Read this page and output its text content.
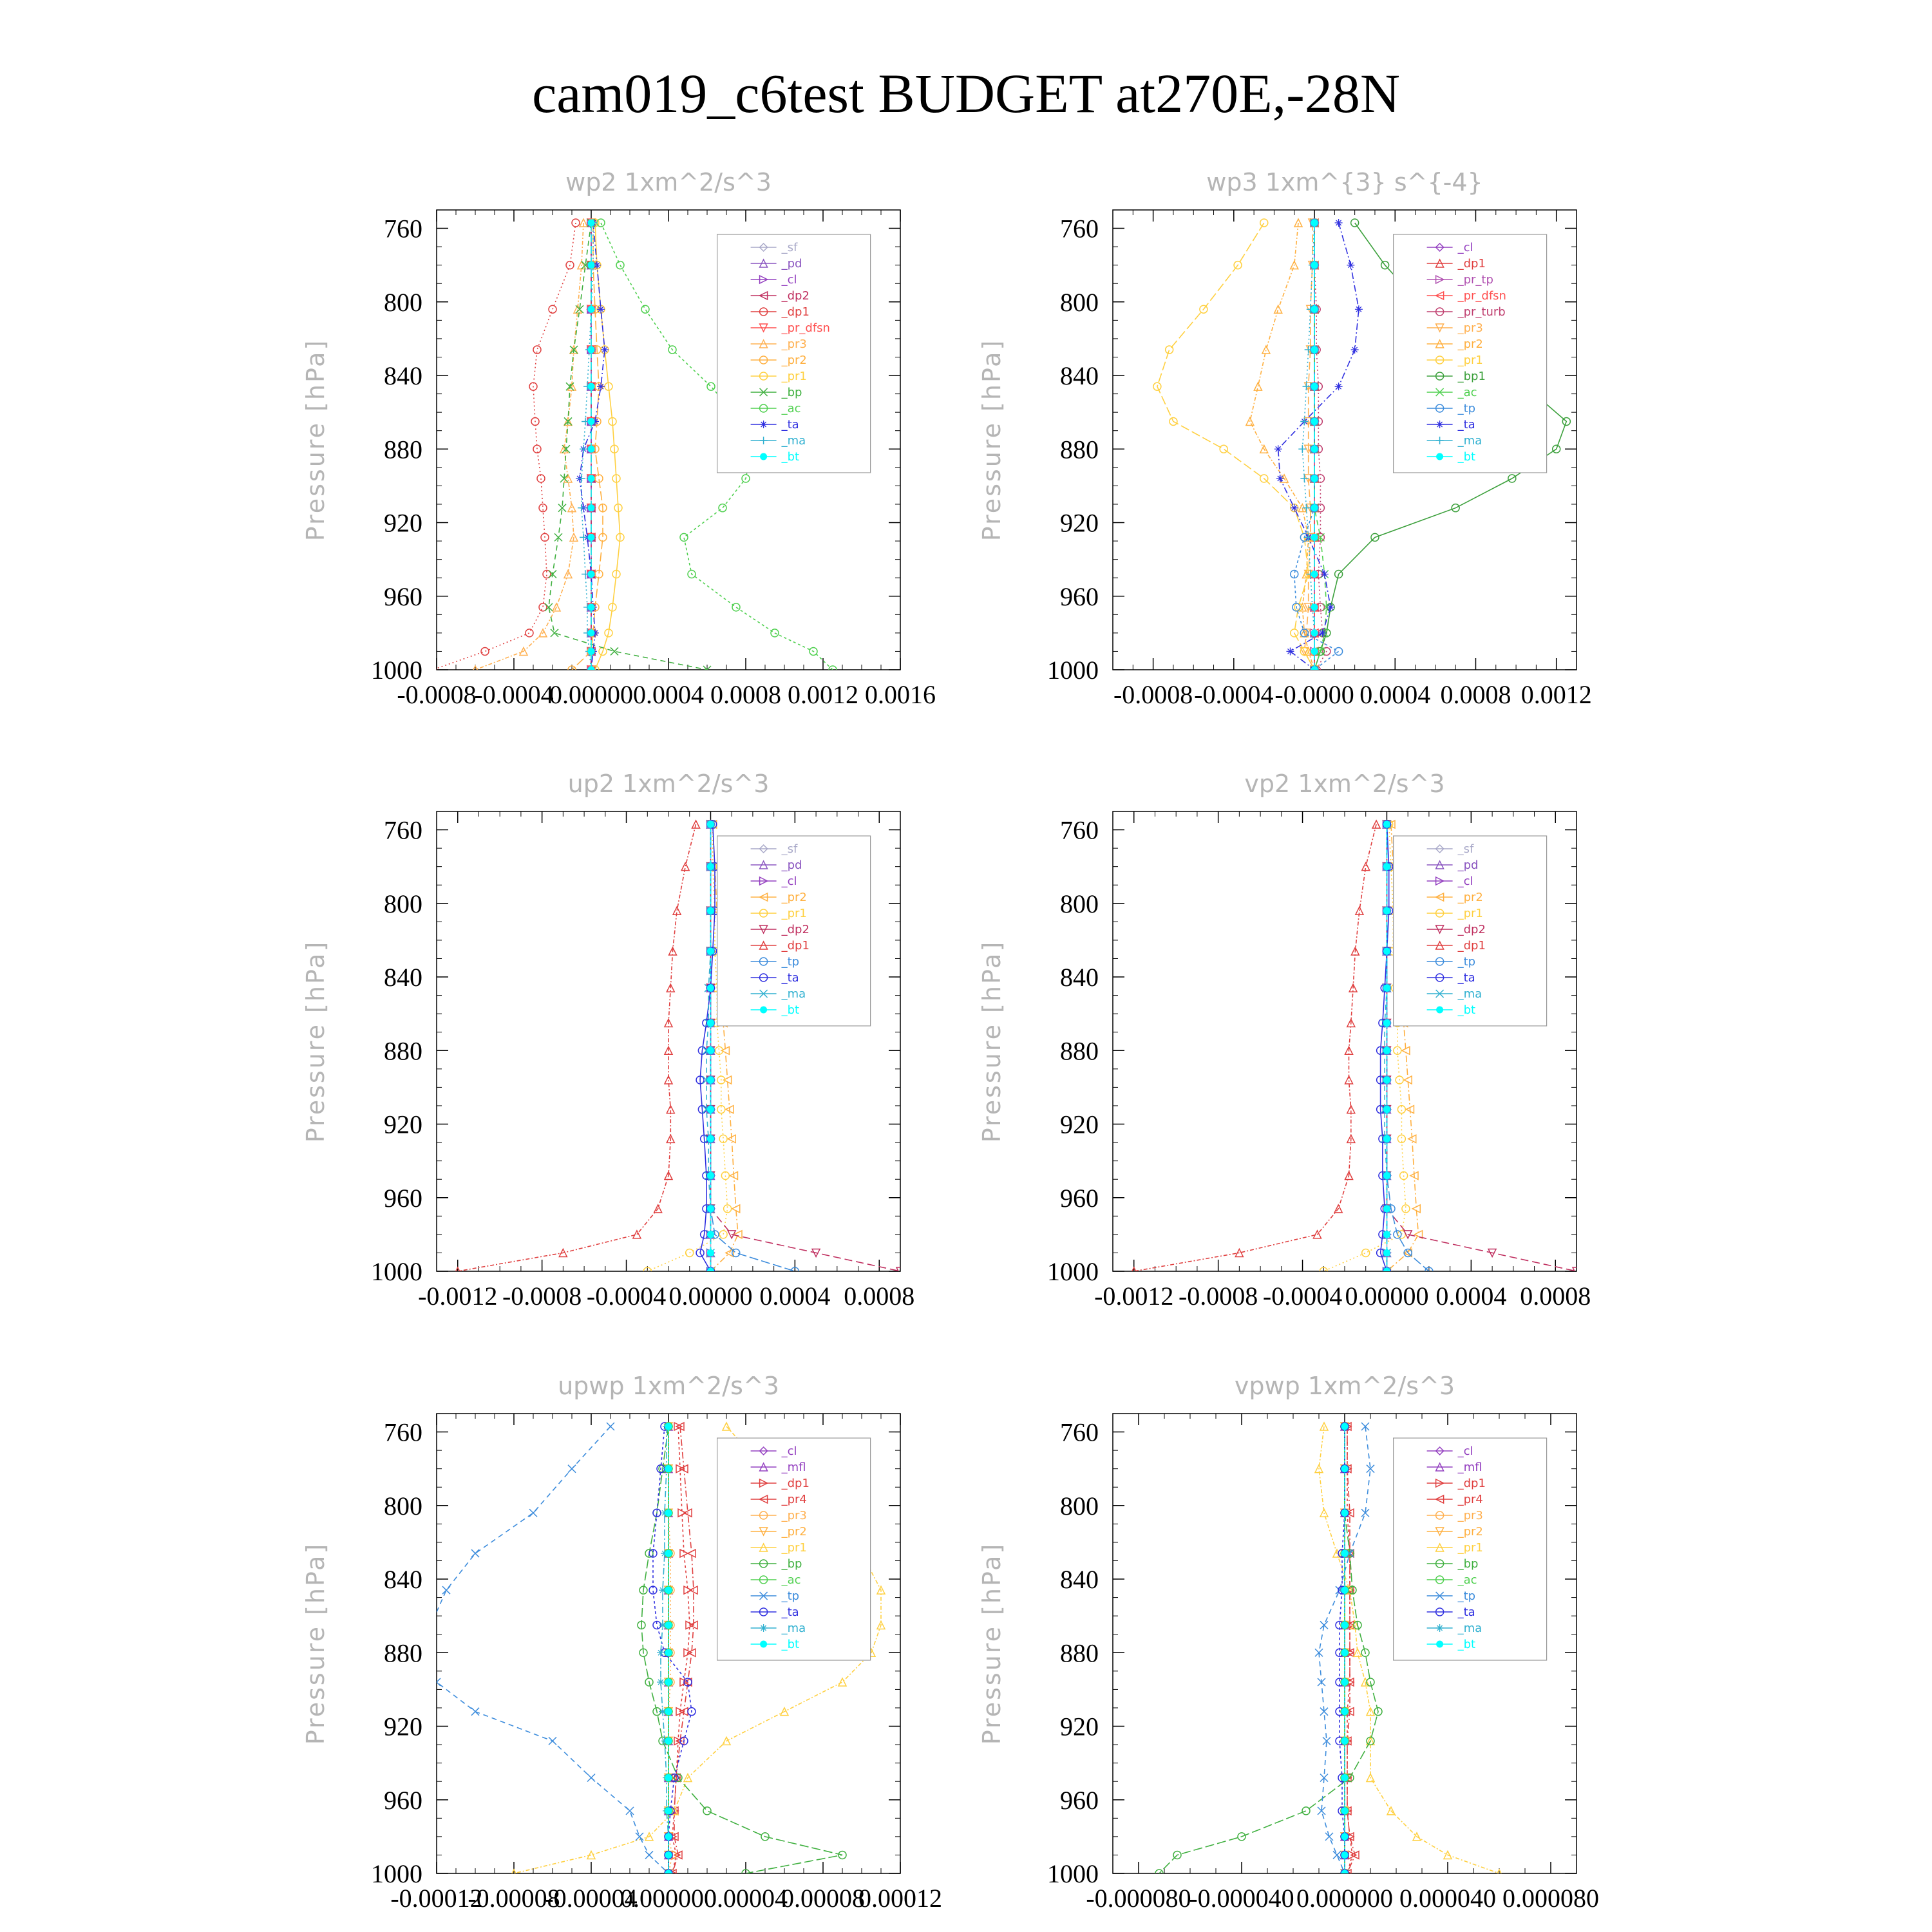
cam019_c6test BUDGET at270E,-28N
wp2 1xm^2/s^3
Pressure [hPa]
760
800
840
880
920
960
1000
-0.0008
-0.0004
0.00000 0.0004 0.0008 0.0012 0.0016
_sf
_pd
_cl
_dp2
_dp1
_pr_dfsn
_pr3
_pr2
_pr1
_bp
_ac
_ta
_ma
_bt
wp3 1xm^{3} s^{-4}
Pressure [hPa]
760
800
840
880
920
960
1000
-0.0008 -0.0004 -0.0000 0.0004 0.0008 0.0012
_cl
_dp1
_pr_tp
_pr_dfsn
_pr_turb
_pr3
_pr2
_pr1
_bp1
_ac
_tp
_ta
_ma
_bt
up2 1xm^2/s^3
Pressure [hPa]
760
800
840
880
920
960
1000
-0.0012 -0.0008 -0.0004 0.00000 0.0004 0.0008
_sf
_pd
_cl
_pr2
_pr1
_dp2
_dp1
_tp
_ta
_ma
_bt
vp2 1xm^2/s^3
Pressure [hPa]
760
800
840
880
920
960
1000
-0.0012 -0.0008 -0.0004 0.00000 0.0004 0.0008
_sf
_pd
_cl
_pr2
_pr1
_dp2
_dp1
_tp
_ta
_ma
_bt
upwp 1xm^2/s^3
Pressure [hPa]
760
800
840
880
920
960
1000
-0.00012
-0.00008
-0.00004
0.000000
0.00004
0.00008
0.00012
_cl
_mfl
_dp1
_pr4
_pr3
_pr2
_pr1
_bp
_ac
_tp
_ta
_ma
_bt
vpwp 1xm^2/s^3
Pressure [hPa]
760
800
840
880
920
960
1000
-0.000080
-0.000040 0.000000 0.000040 0.000080
_cl
_mfl
_dp1
_pr4
_pr3
_pr2
_pr1
_bp
_ac
_tp
_ta
_ma
_bt
